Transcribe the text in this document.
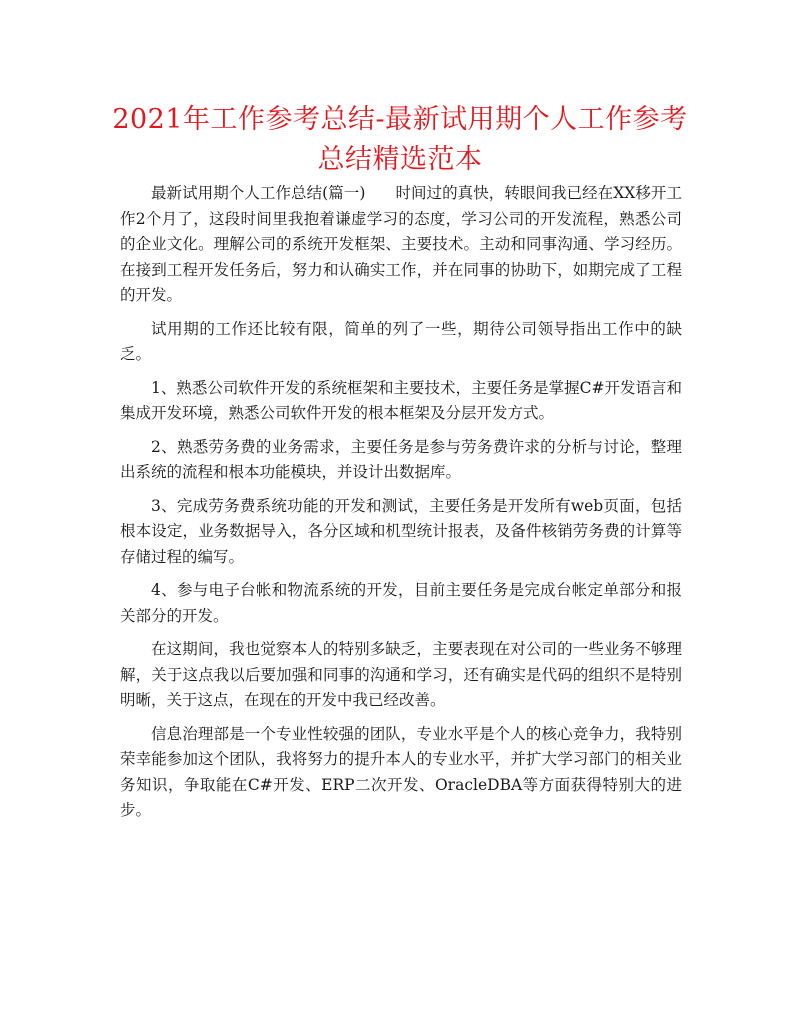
2021年工作参考总结-最新试用期个人工作参考总结精选范本

最新试用期个人工作总结(篇一) 时间过的真快，转眼间我已经在XX移开工作2个月了，这段时间里我抱着谦虚学习的态度，学习公司的开发流程，熟悉公司的企业文化。理解公司的系统开发框架、主要技术。主动和同事沟通、学习经历。在接到工程开发任务后，努力和认确实工作，并在同事的协助下，如期完成了工程的开发。

试用期的工作还比较有限，简单的列了一些，期待公司领导指出工作中的缺乏。

1、熟悉公司软件开发的系统框架和主要技术，主要任务是掌握C#开发语言和集成开发环境，熟悉公司软件开发的根本框架及分层开发方式。

2、熟悉劳务费的业务需求，主要任务是参与劳务费许求的分析与讨论，整理出系统的流程和根本功能模块，并设计出数据库。

3、完成劳务费系统功能的开发和测试，主要任务是开发所有web页面，包括根本设定，业务数据导入，各分区域和机型统计报表，及备件核销劳务费的计算等存储过程的编写。

4、参与电子台帐和物流系统的开发，目前主要任务是完成台帐定单部分和报关部分的开发。

在这期间，我也觉察本人的特别多缺乏，主要表现在对公司的一些业务不够理解，关于这点我以后要加强和同事的沟通和学习，还有确实是代码的组织不是特别明晰，关于这点，在现在的开发中我已经改善。

信息治理部是一个专业性较强的团队，专业水平是个人的核心竞争力，我特别荣幸能参加这个团队，我将努力的提升本人的专业水平，并扩大学习部门的相关业务知识，争取能在C#开发、ERP二次开发、OracleDBA等方面获得特别大的进步。
